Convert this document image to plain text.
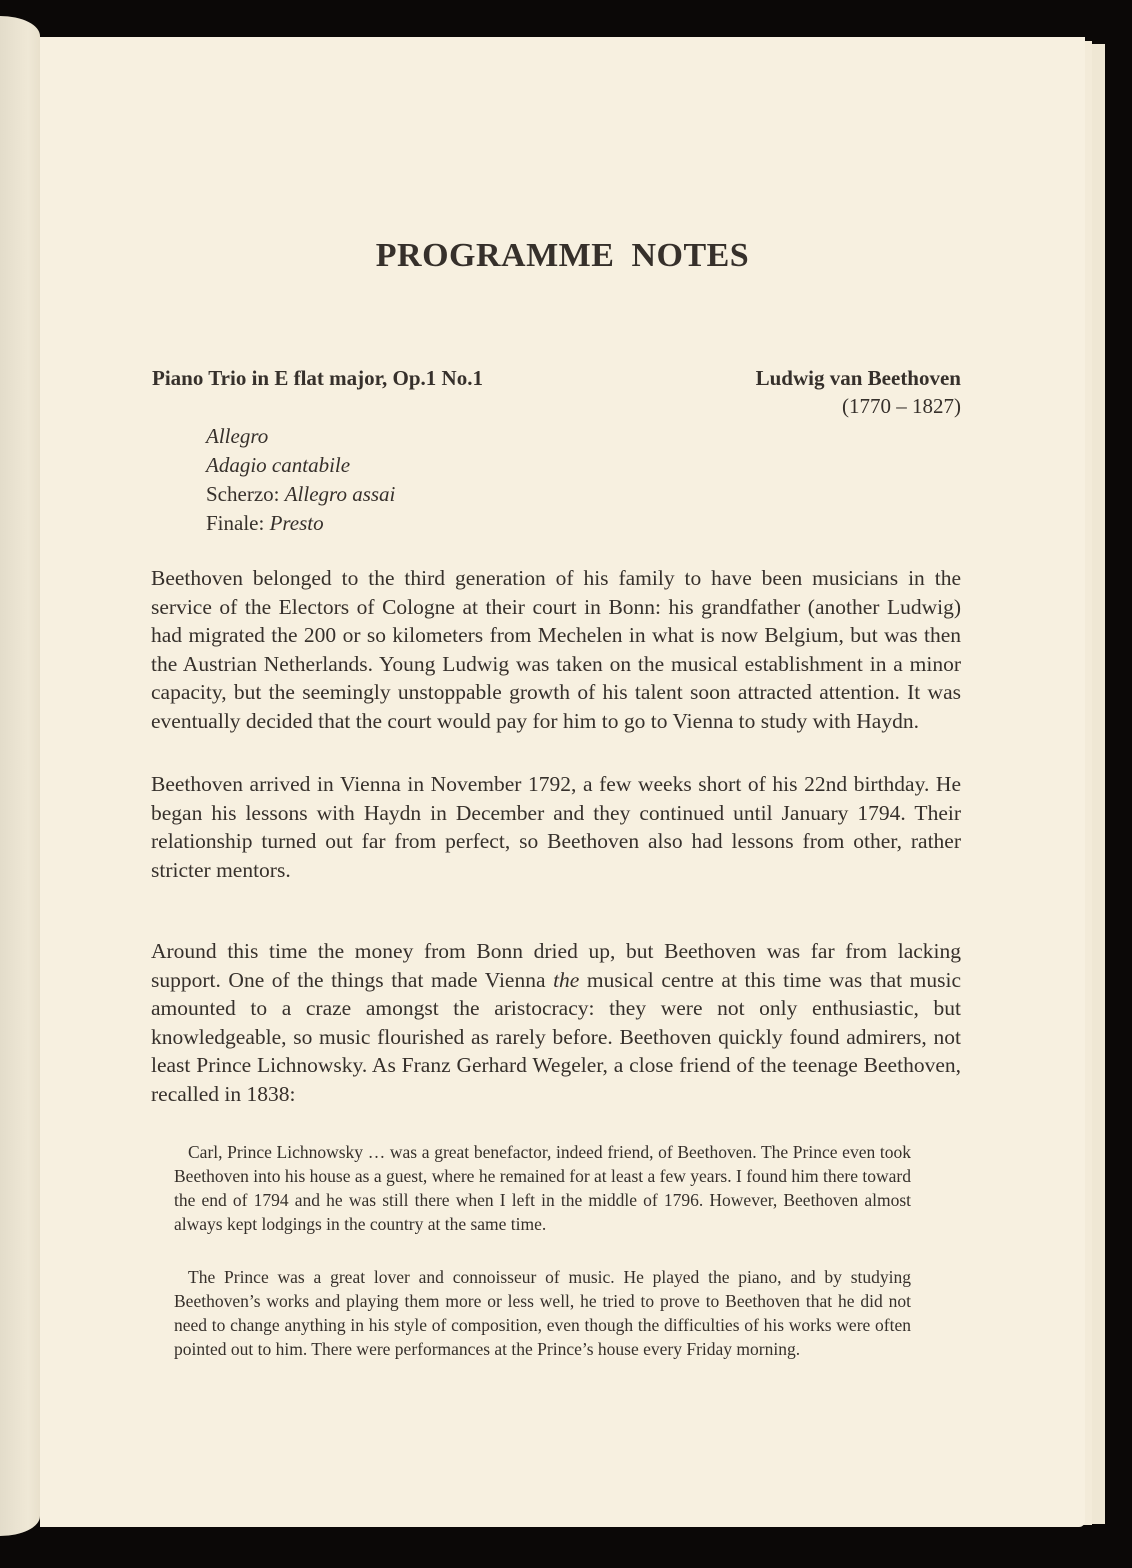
PROGRAMME NOTES
Piano Trio in E flat major, Op.1 No.1	Ludwig van Beethoven
(1770 – 1827)
Allegro
Adagio cantabile
Scherzo: Allegro assai
Finale: Presto

Beethoven belonged to the third generation of his family to have been musicians in the service of the Electors of Cologne at their court in Bonn: his grandfather (another Ludwig) had migrated the 200 or so kilometers from Mechelen in what is now Belgium, but was then the Austrian Netherlands. Young Ludwig was taken on the musical establishment in a minor capacity, but the seemingly unstoppable growth of his talent soon attracted attention. It was eventually decided that the court would pay for him to go to Vienna to study with Haydn.

Beethoven arrived in Vienna in November 1792, a few weeks short of his 22nd birthday. He began his lessons with Haydn in December and they continued until January 1794. Their relationship turned out far from perfect, so Beethoven also had lessons from other, rather stricter mentors.

Around this time the money from Bonn dried up, but Beethoven was far from lacking support. One of the things that made Vienna the musical centre at this time was that music amounted to a craze amongst the aristocracy: they were not only enthusiastic, but knowledgeable, so music flourished as rarely before. Beethoven quickly found admirers, not least Prince Lichnowsky. As Franz Gerhard Wegeler, a close friend of the teenage Beethoven, recalled in 1838:

Carl, Prince Lichnowsky … was a great benefactor, indeed friend, of Beethoven. The Prince even took Beethoven into his house as a guest, where he remained for at least a few years. I found him there toward the end of 1794 and he was still there when I left in the middle of 1796. However, Beethoven almost always kept lodgings in the country at the same time.

The Prince was a great lover and connoisseur of music. He played the piano, and by studying Beethoven’s works and playing them more or less well, he tried to prove to Beethoven that he did not need to change anything in his style of composition, even though the difficulties of his works were often pointed out to him. There were performances at the Prince’s house every Friday morning.
